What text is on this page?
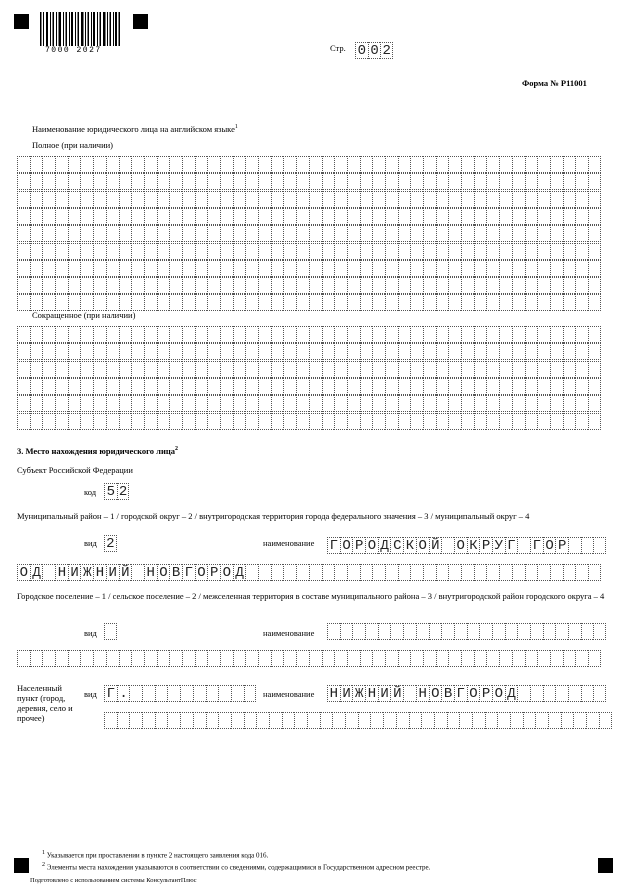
7000 2027	Стр. 0 0 2
Форма № Р11001
Наименование юридического лица на английском языке$^1$
Полное (при наличии)
Сокращенное (при наличии)
3. Место нахождения юридического лица$^2$
Субъект Российской Федерации
код 5 2
Муниципальный район – 1 / городской округ – 2 / внутригородская территория города федерального значения – 3 / муниципальный округ – 4
вид 2	наименование Г О Р О Д С К О Й О К Р У Г Г О Р
О Д Н И Ж Н И Й Н О В Г О Р О Д
Городское поселение – 1 / сельское поселение – 2 / межселенная территория в составе муниципального района – 3 / внутригородской район городского округа – 4
вид	наименование
Населенный пункт (город, деревня, село и прочее)
вид Г .	наименование Н И Ж Н И Й Н О В Г О Р О Д
$^1$ Указывается при проставлении в пункте 2 настоящего заявления кода 016.
$^2$ Элементы места нахождения указываются в соответствии со сведениями, содержащимися в Государственном адресном реестре.
Подготовлено с использованием системы КонсультантПлюс
